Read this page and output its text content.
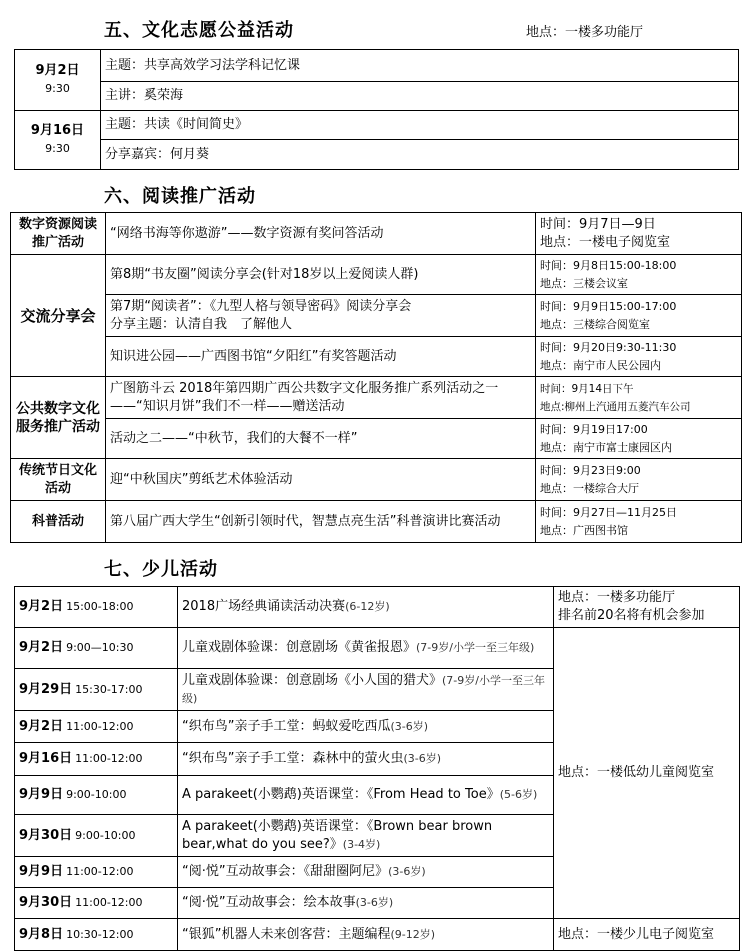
五、文化志愿公益活动	地点：一楼多功能厅
9月2日
9:30	主题：共享高效学习法学科记忆课
	主讲：奚荣海

9月16日
9:30	主题：共读《时间简史》
	分享嘉宾：何月葵
六、阅读推广活动
数字资源阅读推广活动	“网络书海等你遨游”——数字资源有奖问答活动	时间：9月7日—9日
地点：一楼电子阅览室

交流分享会	第8期“书友圈”阅读分享会(针对18岁以上爱阅读人群)	时间：9月8日15:00-18:00
地点：三楼会议室

	第7期“阅读者”：《九型人格与领导密码》阅读分享会
分享主题：认清自我　了解他人	时间：9月9日15:00-17:00
地点：三楼综合阅览室

	知识进公园——广西图书馆“夕阳红”有奖答题活动	时间：9月20日9:30-11:30
地点：南宁市人民公园内

公共数字文化服务推广活动	广图筋斗云 2018年第四期广西公共数字文化服务推广系列活动之一——“知识月饼”我们不一样——赠送活动	时间：9月14日下午
地点:柳州上汽通用五菱汽车公司

	活动之二——“中秋节，我们的大餐不一样”	时间：9月19日17:00
地点：南宁市富士康园区内

传统节日文化活动	迎“中秋国庆”剪纸艺术体验活动	时间：9月23日9:00
地点：一楼综合大厅

科普活动	第八届广西大学生“创新引领时代，智慧点亮生活”科普演讲比赛活动	时间：9月27日—11月25日
地点：广西图书馆
七、少儿活动
9月2日 15:00-18:00	2018广场经典诵读活动决赛(6-12岁)	地点：一楼多功能厅
排名前20名将有机会参加

9月2日 9:00—10:30	儿童戏剧体验课：创意剧场《黄雀报恩》(7-9岁/小学一至三年级)	地点：一楼低幼儿童阅览室
9月29日 15:30-17:00	儿童戏剧体验课：创意剧场《小人国的猎犬》(7-9岁/小学一至三年级)	
9月2日 11:00-12:00	“织布鸟”亲子手工堂：蚂蚁爱吃西瓜(3-6岁)	
9月16日 11:00-12:00	“织布鸟”亲子手工堂：森林中的萤火虫(3-6岁)	
9月9日 9:00-10:00	A parakeet(小鹦鹉)英语课堂：《From Head to Toe》(5-6岁)	
9月30日 9:00-10:00	A parakeet(小鹦鹉)英语课堂：《Brown bear brown bear,what do you see?》(3-4岁)	
9月9日 11:00-12:00	“阅·悦”互动故事会：《甜甜圈阿尼》(3-6岁)	
9月30日 11:00-12:00	“阅·悦”互动故事会：绘本故事(3-6岁)	
9月8日 10:30-12:00	“银狐”机器人未来创客营：主题编程(9-12岁)	地点：一楼少儿电子阅览室
